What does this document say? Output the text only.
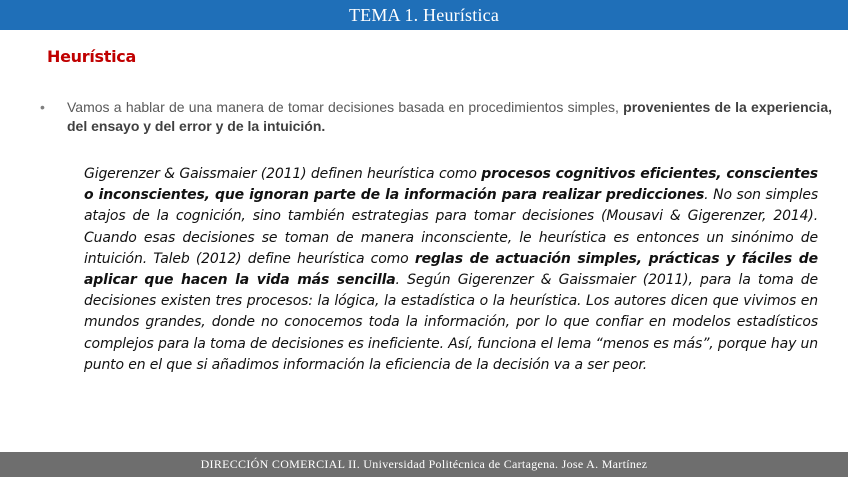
TEMA 1. Heurística
Heurística
•	Vamos a hablar de una manera de tomar decisiones basada en procedimientos simples, provenientes de la experiencia, del ensayo y del error y de la intuición.
Gigerenzer & Gaissmaier (2011) definen heurística como procesos cognitivos eficientes, conscientes o inconscientes, que ignoran parte de la información para realizar predicciones. No son simples atajos de la cognición, sino también estrategias para tomar decisiones (Mousavi & Gigerenzer, 2014). Cuando esas decisiones se toman de manera inconsciente, le heurística es entonces un sinónimo de intuición. Taleb (2012) define heurística como reglas de actuación simples, prácticas y fáciles de aplicar que hacen la vida más sencilla. Según Gigerenzer & Gaissmaier (2011), para la toma de decisiones existen tres procesos: la lógica, la estadística o la heurística. Los autores dicen que vivimos en mundos grandes, donde no conocemos toda la información, por lo que confiar en modelos estadísticos complejos para la toma de decisiones es ineficiente. Así, funciona el lema “menos es más”, porque hay un punto en el que si añadimos información la eficiencia de la decisión va a ser peor.
DIRECCIÓN COMERCIAL II. Universidad Politécnica de Cartagena. Jose A. Martínez
